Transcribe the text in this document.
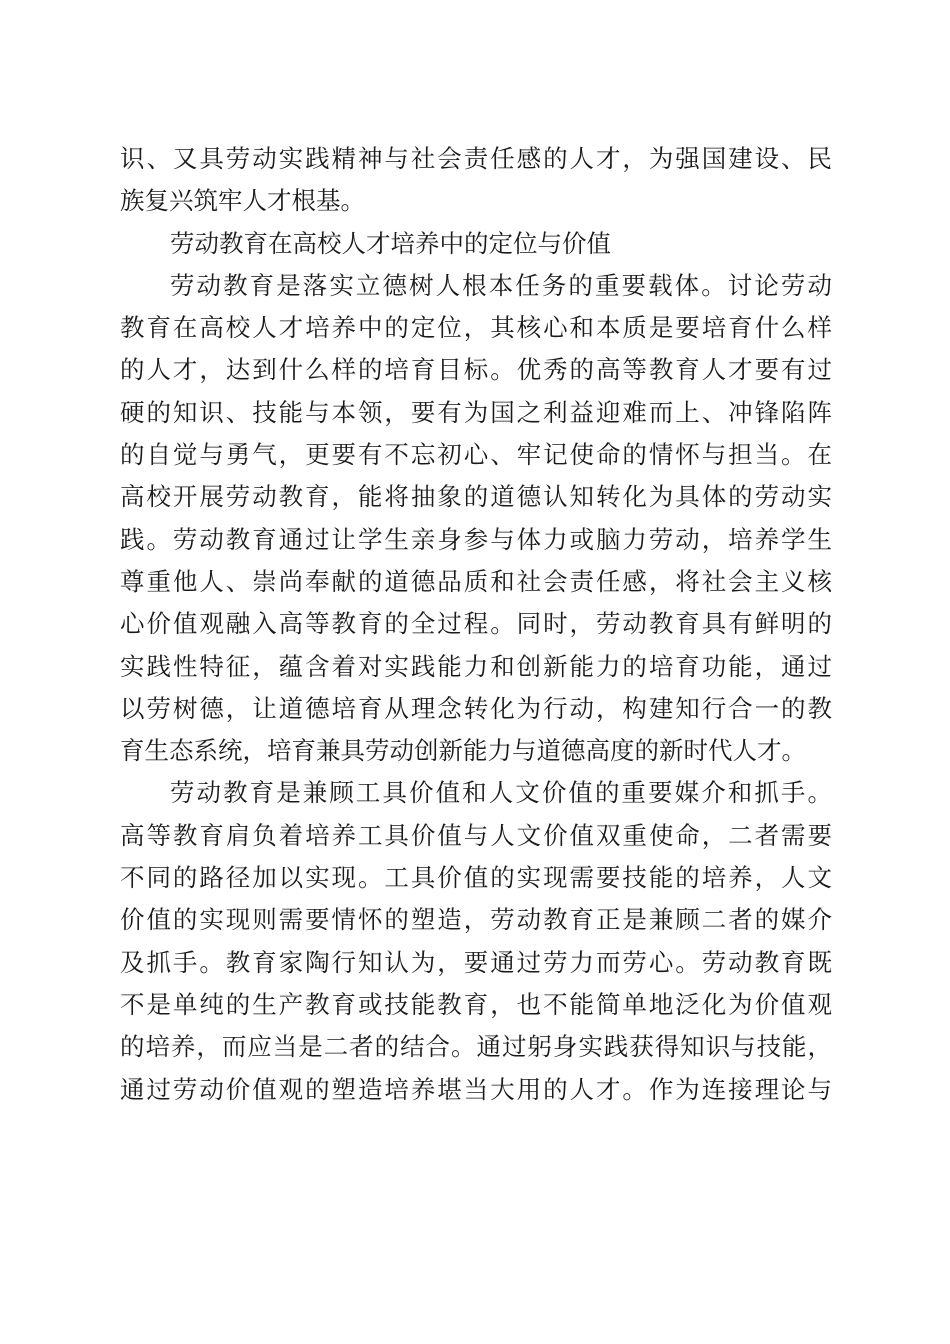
识、又具劳动实践精神与社会责任感的人才，为强国建设、民
族复兴筑牢人才根基。
劳动教育在高校人才培养中的定位与价值
劳动教育是落实立德树人根本任务的重要载体。讨论劳动
教育在高校人才培养中的定位，其核心和本质是要培育什么样
的人才，达到什么样的培育目标。优秀的高等教育人才要有过
硬的知识、技能与本领，要有为国之利益迎难而上、冲锋陷阵
的自觉与勇气，更要有不忘初心、牢记使命的情怀与担当。在
高校开展劳动教育，能将抽象的道德认知转化为具体的劳动实
践。劳动教育通过让学生亲身参与体力或脑力劳动，培养学生
尊重他人、崇尚奉献的道德品质和社会责任感，将社会主义核
心价值观融入高等教育的全过程。同时，劳动教育具有鲜明的
实践性特征，蕴含着对实践能力和创新能力的培育功能，通过
以劳树德，让道德培育从理念转化为行动，构建知行合一的教
育生态系统，培育兼具劳动创新能力与道德高度的新时代人才。
劳动教育是兼顾工具价值和人文价值的重要媒介和抓手。
高等教育肩负着培养工具价值与人文价值双重使命，二者需要
不同的路径加以实现。工具价值的实现需要技能的培养，人文
价值的实现则需要情怀的塑造，劳动教育正是兼顾二者的媒介
及抓手。教育家陶行知认为，要通过劳力而劳心。劳动教育既
不是单纯的生产教育或技能教育，也不能简单地泛化为价值观
的培养，而应当是二者的结合。通过躬身实践获得知识与技能，
通过劳动价值观的塑造培养堪当大用的人才。作为连接理论与
